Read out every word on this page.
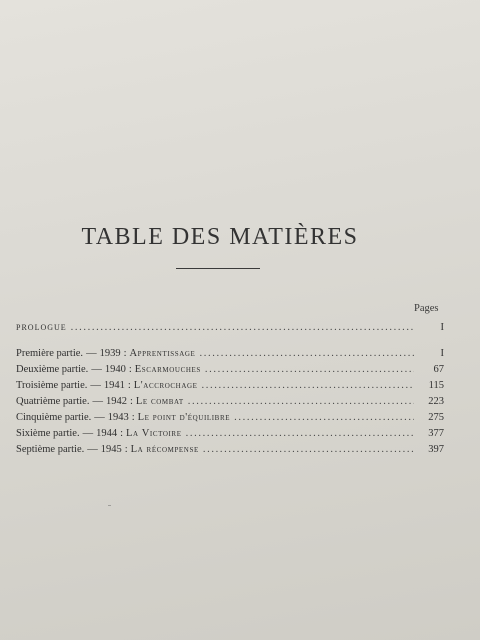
TABLE DES MATIÈRES
Pages
PROLOGUE . . .	I
Première partie. — 1939 : Apprentissage . . .	I
Deuxième partie. — 1940 : Escarmouches . . .	67
Troisième partie. — 1941 : L'accrochage . . .	115
Quatrième partie. — 1942 : Le combat . . .	223
Cinquième partie. — 1943 : Le point d'équilibre . . .	275
Sixième partie. — 1944 : La Victoire . . .	377
Septième partie. — 1945 : La récompense . . .	397
